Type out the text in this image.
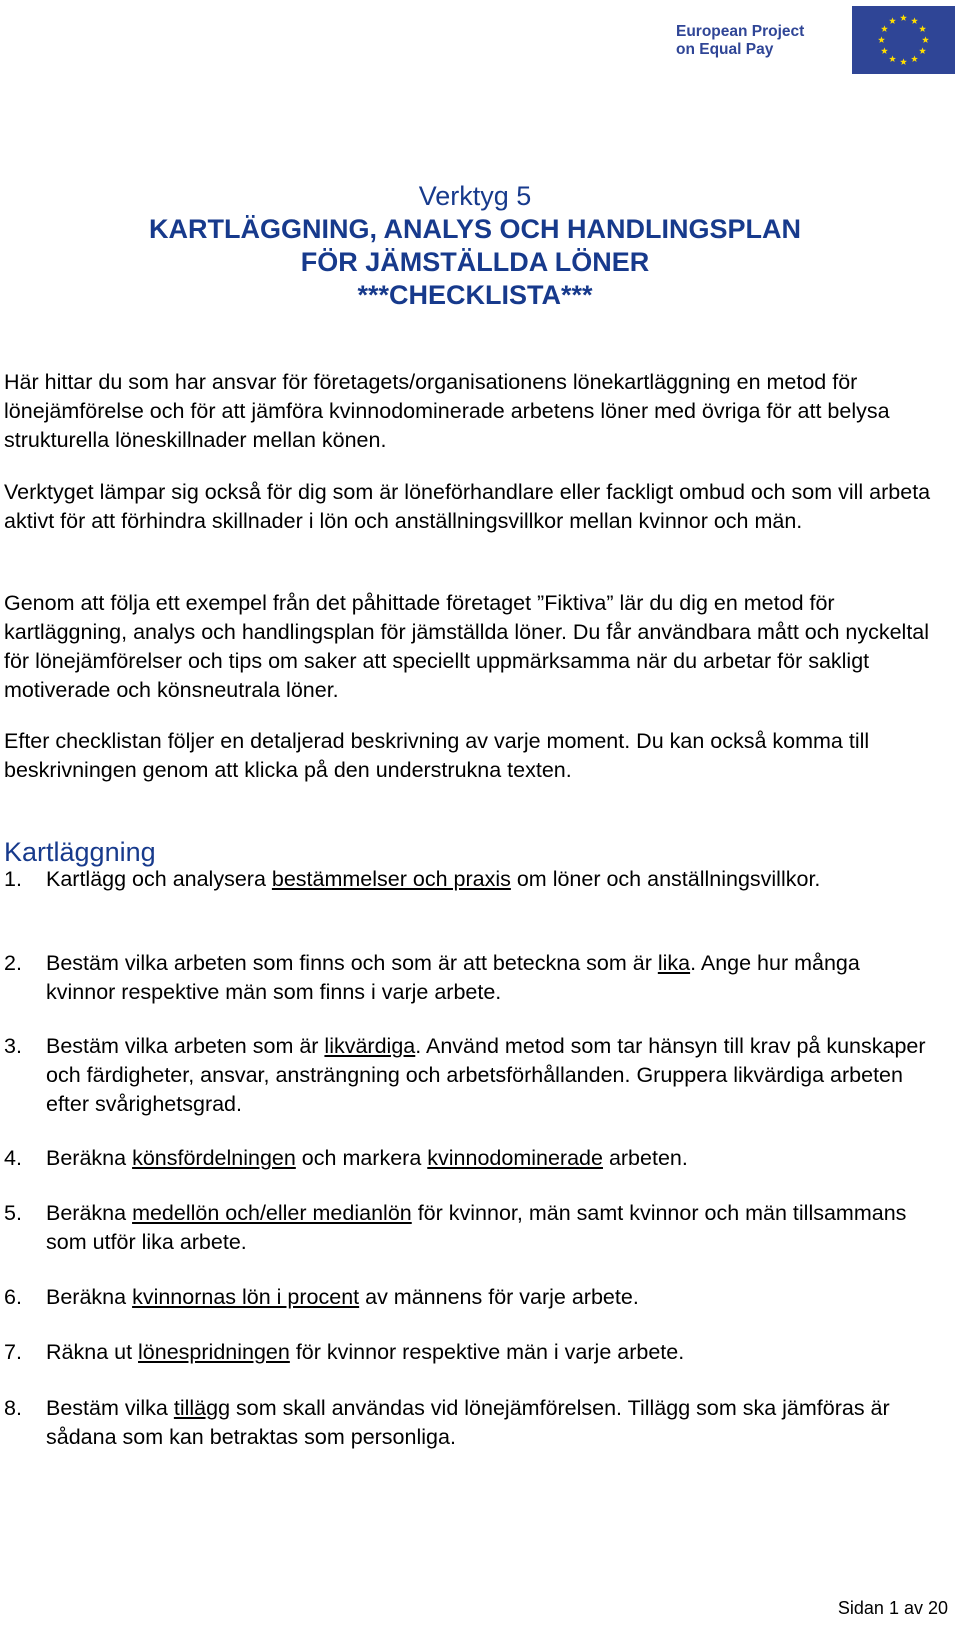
European Project
on Equal Pay
Verktyg 5
KARTLÄGGNING, ANALYS OCH HANDLINGSPLAN
FÖR JÄMSTÄLLDA LÖNER
***CHECKLISTA***

Här hittar du som har ansvar för företagets/organisationens lönekartläggning en metod för lönejämförelse och för att jämföra kvinnodominerade arbetens löner med övriga för att belysa strukturella löneskillnader mellan könen.

Verktyget lämpar sig också för dig som är löneförhandlare eller fackligt ombud och som vill arbeta aktivt för att förhindra skillnader i lön och anställningsvillkor mellan kvinnor och män.

Genom att följa ett exempel från det påhittade företaget ”Fiktiva” lär du dig en metod för kartläggning, analys och handlingsplan för jämställda löner. Du får användbara mått och nyckeltal för lönejämförelser och tips om saker att speciellt uppmärksamma när du arbetar för sakligt motiverade och könsneutrala löner.

Efter checklistan följer en detaljerad beskrivning av varje moment. Du kan också komma till beskrivningen genom att klicka på den understrukna texten.

Kartläggning
1. Kartlägg och analysera bestämmelser och praxis om löner och anställningsvillkor.
2. Bestäm vilka arbeten som finns och som är att beteckna som är lika. Ange hur många kvinnor respektive män som finns i varje arbete.
3. Bestäm vilka arbeten som är likvärdiga. Använd metod som tar hänsyn till krav på kunskaper och färdigheter, ansvar, ansträngning och arbetsförhållanden. Gruppera likvärdiga arbeten efter svårighetsgrad.
4. Beräkna könsfördelningen och markera kvinnodominerade arbeten.
5. Beräkna medellön och/eller medianlön för kvinnor, män samt kvinnor och män tillsammans som utför lika arbete.
6. Beräkna kvinnornas lön i procent av männens för varje arbete.
7. Räkna ut lönespridningen för kvinnor respektive män i varje arbete.
8. Bestäm vilka tillägg som skall användas vid lönejämförelsen. Tillägg som ska jämföras är sådana som kan betraktas som personliga.
Sidan 1 av 20
